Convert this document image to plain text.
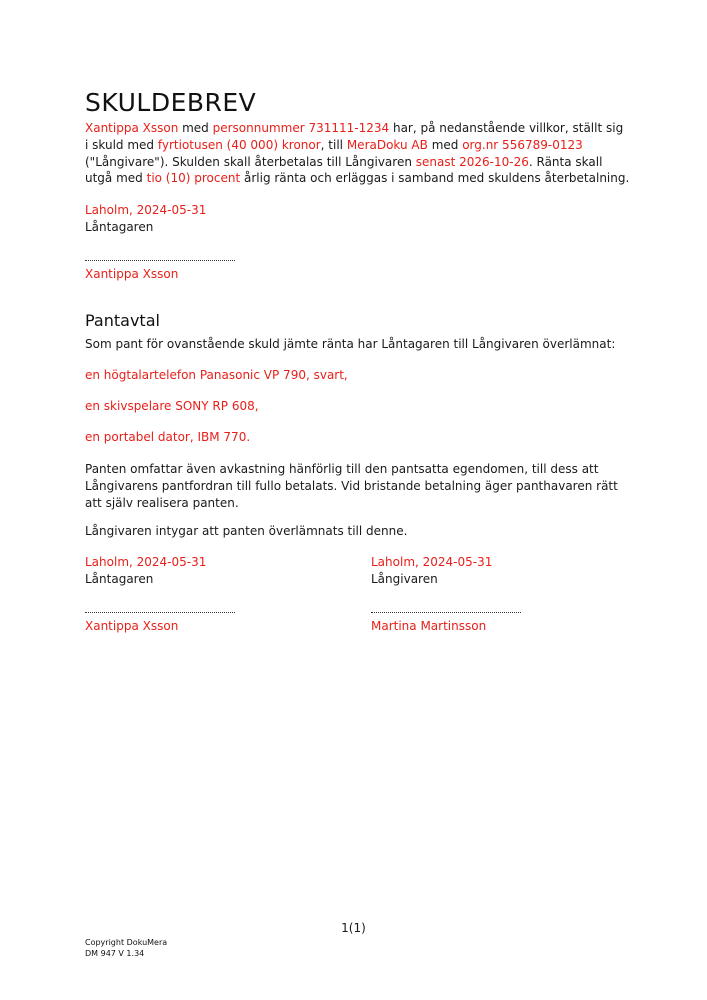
SKULDEBREV

Xantippa Xsson med personnummer 731111-1234 har, på nedanstående villkor, ställt sig i skuld med fyrtiotusen (40 000) kronor, till MeraDoku AB med org.nr 556789-0123 ("Långivare"). Skulden skall återbetalas till Långivaren senast 2026-10-26. Ränta skall utgå med tio (10) procent årlig ränta och erläggas i samband med skuldens återbetalning.

Laholm, 2024-05-31

Låntagaren

Xantippa Xsson

Pantavtal

Som pant för ovanstående skuld jämte ränta har Låntagaren till Långivaren överlämnat:

en högtalartelefon Panasonic VP 790, svart,

en skivspelare SONY RP 608,

en portabel dator, IBM 770.

Panten omfattar även avkastning hänförlig till den pantsatta egendomen, till dess att Långivarens pantfordran till fullo betalats. Vid bristande betalning äger panthavaren rätt att själv realisera panten.

Långivaren intygar att panten överlämnats till denne.

Laholm, 2024-05-31

Låntagaren

Xantippa Xsson

Laholm, 2024-05-31

Långivaren

Martina Martinsson

1(1)
Copyright DokuMera
DM 947 V 1.34
